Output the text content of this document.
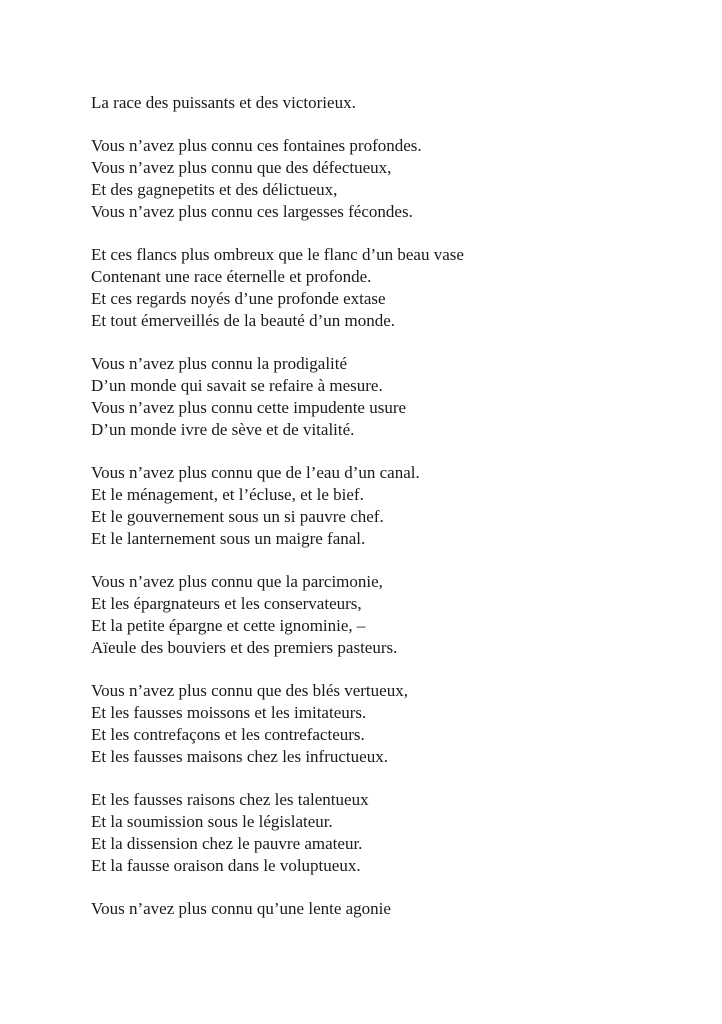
La race des puissants et des victorieux.
Vous n’avez plus connu ces fontaines profondes.
Vous n’avez plus connu que des défectueux,
Et des gagnepetits et des délictueux,
Vous n’avez plus connu ces largesses fécondes.
Et ces flancs plus ombreux que le flanc d’un beau vase
Contenant une race éternelle et profonde.
Et ces regards noyés d’une profonde extase
Et tout émerveillés de la beauté d’un monde.
Vous n’avez plus connu la prodigalité
D’un monde qui savait se refaire à mesure.
Vous n’avez plus connu cette impudente usure
D’un monde ivre de sève et de vitalité.
Vous n’avez plus connu que de l’eau d’un canal.
Et le ménagement, et l’écluse, et le bief.
Et le gouvernement sous un si pauvre chef.
Et le lanternement sous un maigre fanal.
Vous n’avez plus connu que la parcimonie,
Et les épargnateurs et les conservateurs,
Et la petite épargne et cette ignominie, –
Aïeule des bouviers et des premiers pasteurs.
Vous n’avez plus connu que des blés vertueux,
Et les fausses moissons et les imitateurs.
Et les contrefaçons et les contrefacteurs.
Et les fausses maisons chez les infructueux.
Et les fausses raisons chez les talentueux
Et la soumission sous le législateur.
Et la dissension chez le pauvre amateur.
Et la fausse oraison dans le voluptueux.
Vous n’avez plus connu qu’une lente agonie
